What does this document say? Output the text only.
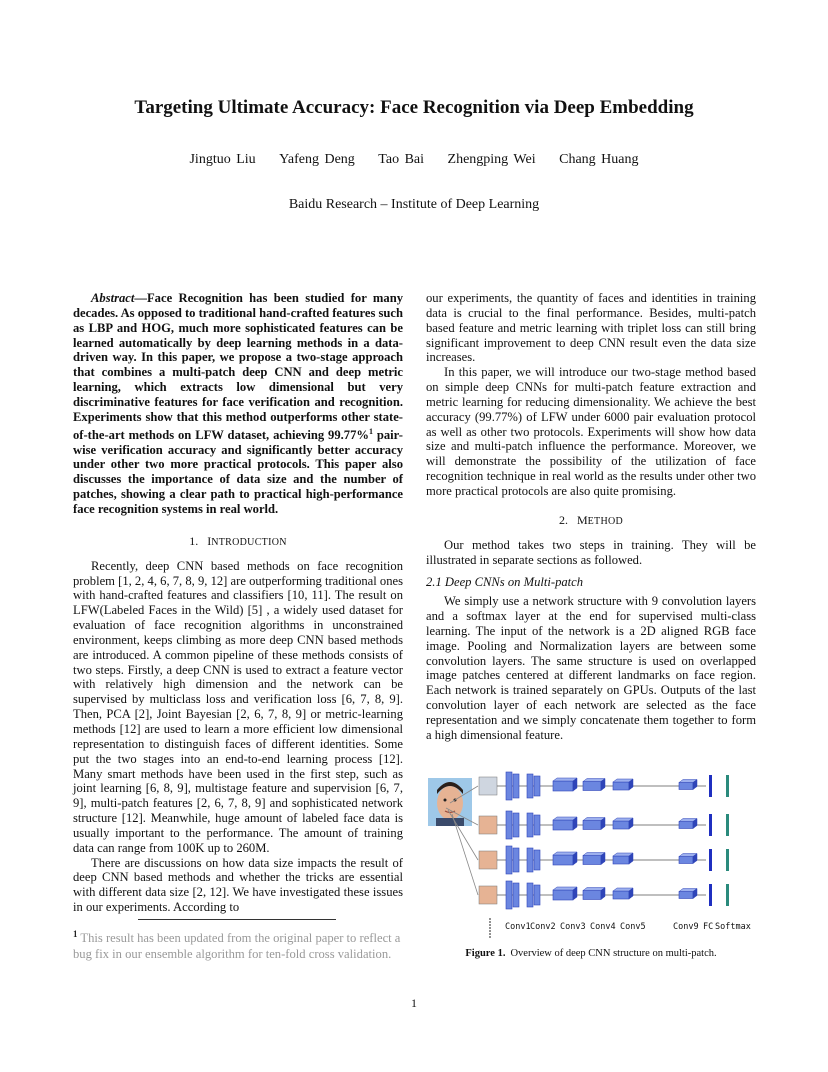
Targeting Ultimate Accuracy: Face Recognition via Deep Embedding
Jingtuo Liu Yafeng Deng Tao Bai Zhengping Wei Chang Huang
Baidu Research – Institute of Deep Learning

Abstract—Face Recognition has been studied for many decades. As opposed to traditional hand-crafted features such as LBP and HOG, much more sophisticated features can be learned automatically by deep learning methods in a data-driven way. In this paper, we propose a two-stage approach that combines a multi-patch deep CNN and deep metric learning, which extracts low dimensional but very discriminative features for face verification and recognition. Experiments show that this method outperforms other state-of-the-art methods on LFW dataset, achieving 99.77%$^1$ pair-wise verification accuracy and significantly better accuracy under other two more practical protocols. This paper also discusses the importance of data size and the number of patches, showing a clear path to practical high-performance face recognition systems in real world.

1. INTRODUCTION

Recently, deep CNN based methods on face recognition problem [1, 2, 4, 6, 7, 8, 9, 12] are outperforming traditional ones with hand-crafted features and classifiers [10, 11]. The result on LFW(Labeled Faces in the Wild) [5] , a widely used dataset for evaluation of face recognition algorithms in unconstrained environment, keeps climbing as more deep CNN based methods are introduced. A common pipeline of these methods consists of two steps. Firstly, a deep CNN is used to extract a feature vector with relatively high dimension and the network can be supervised by multiclass loss and verification loss [6, 7, 8, 9]. Then, PCA [2], Joint Bayesian [2, 6, 7, 8, 9] or metric-learning methods [12] are used to learn a more efficient low dimensional representation to distinguish faces of different identities. Some put the two stages into an end-to-end learning process [12]. Many smart methods have been used in the first step, such as joint learning [6, 8, 9], multistage feature and supervision [6, 7, 9], multi-patch features [2, 6, 7, 8, 9] and sophisticated network structure [12]. Meanwhile, huge amount of labeled face data is usually important to the performance. The amount of training data can range from 100K up to 260M.

There are discussions on how data size impacts the result of deep CNN based methods and whether the tricks are essential with different data size [2, 12]. We have investigated these issues in our experiments. According to

$^1$ This result has been updated from the original paper to reflect a bug fix in our ensemble algorithm for ten-fold cross validation.

our experiments, the quantity of faces and identities in training data is crucial to the final performance. Besides, multi-patch based feature and metric learning with triplet loss can still bring significant improvement to deep CNN result even the data size increases.

In this paper, we will introduce our two-stage method based on simple deep CNNs for multi-patch feature extraction and metric learning for reducing dimensionality. We achieve the best accuracy (99.77%) of LFW under 6000 pair evaluation protocol as well as other two protocols. Experiments will show how data size and multi-patch influence the performance. Moreover, we will demonstrate the possibility of the utilization of face recognition technique in real world as the results under other two more practical protocols are also quite promising.

2. METHOD

Our method takes two steps in training. They will be illustrated in separate sections as followed.

2.1 Deep CNNs on Multi-patch

We simply use a network structure with 9 convolution layers and a softmax layer at the end for supervised multi-class learning. The input of the network is a 2D aligned RGB face image. Pooling and Normalization layers are between some convolution layers. The same structure is used on overlapped image patches centered at different landmarks on face region. Each network is trained separately on GPUs. Outputs of the last convolution layer of each network are selected as the face representation and we simply concatenate them together to form a high dimensional feature.

Conv1 Conv2 Conv3 Conv4 Conv5	Conv9 FC Softmax
Figure 1. Overview of deep CNN structure on multi-patch.
1
